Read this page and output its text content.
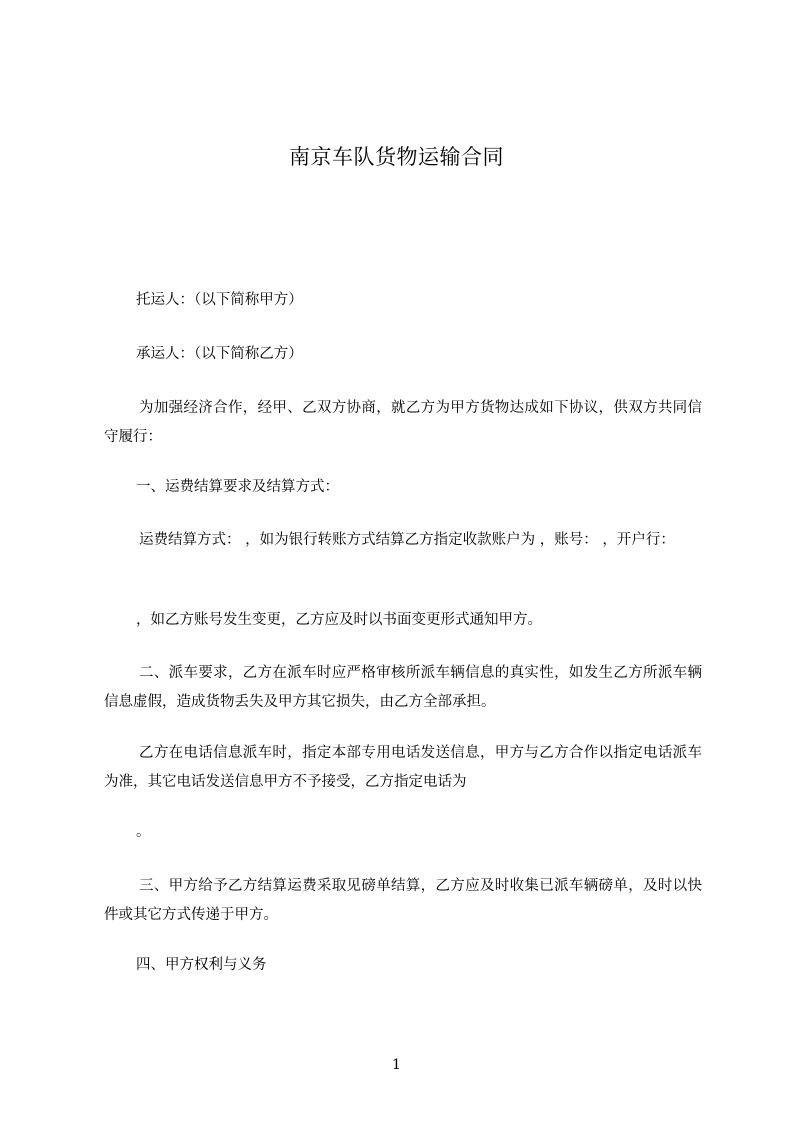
南京车队货物运输合同
托运人：（以下简称甲方）
承运人：（以下简称乙方）
为加强经济合作，经甲、乙双方协商，就乙方为甲方货物达成如下协议，供双方共同信守履行：
一、运费结算要求及结算方式：
运费结算方式： ，如为银行转账方式结算乙方指定收款账户为 ，账号： ，开户行：
，如乙方账号发生变更，乙方应及时以书面变更形式通知甲方。
二、派车要求，乙方在派车时应严格审核所派车辆信息的真实性，如发生乙方所派车辆信息虚假，造成货物丢失及甲方其它损失，由乙方全部承担。
乙方在电话信息派车时，指定本部专用电话发送信息，甲方与乙方合作以指定电话派车为准，其它电话发送信息甲方不予接受，乙方指定电话为
。
三、甲方给予乙方结算运费采取见磅单结算，乙方应及时收集已派车辆磅单，及时以快件或其它方式传递于甲方。
四、甲方权利与义务
1
